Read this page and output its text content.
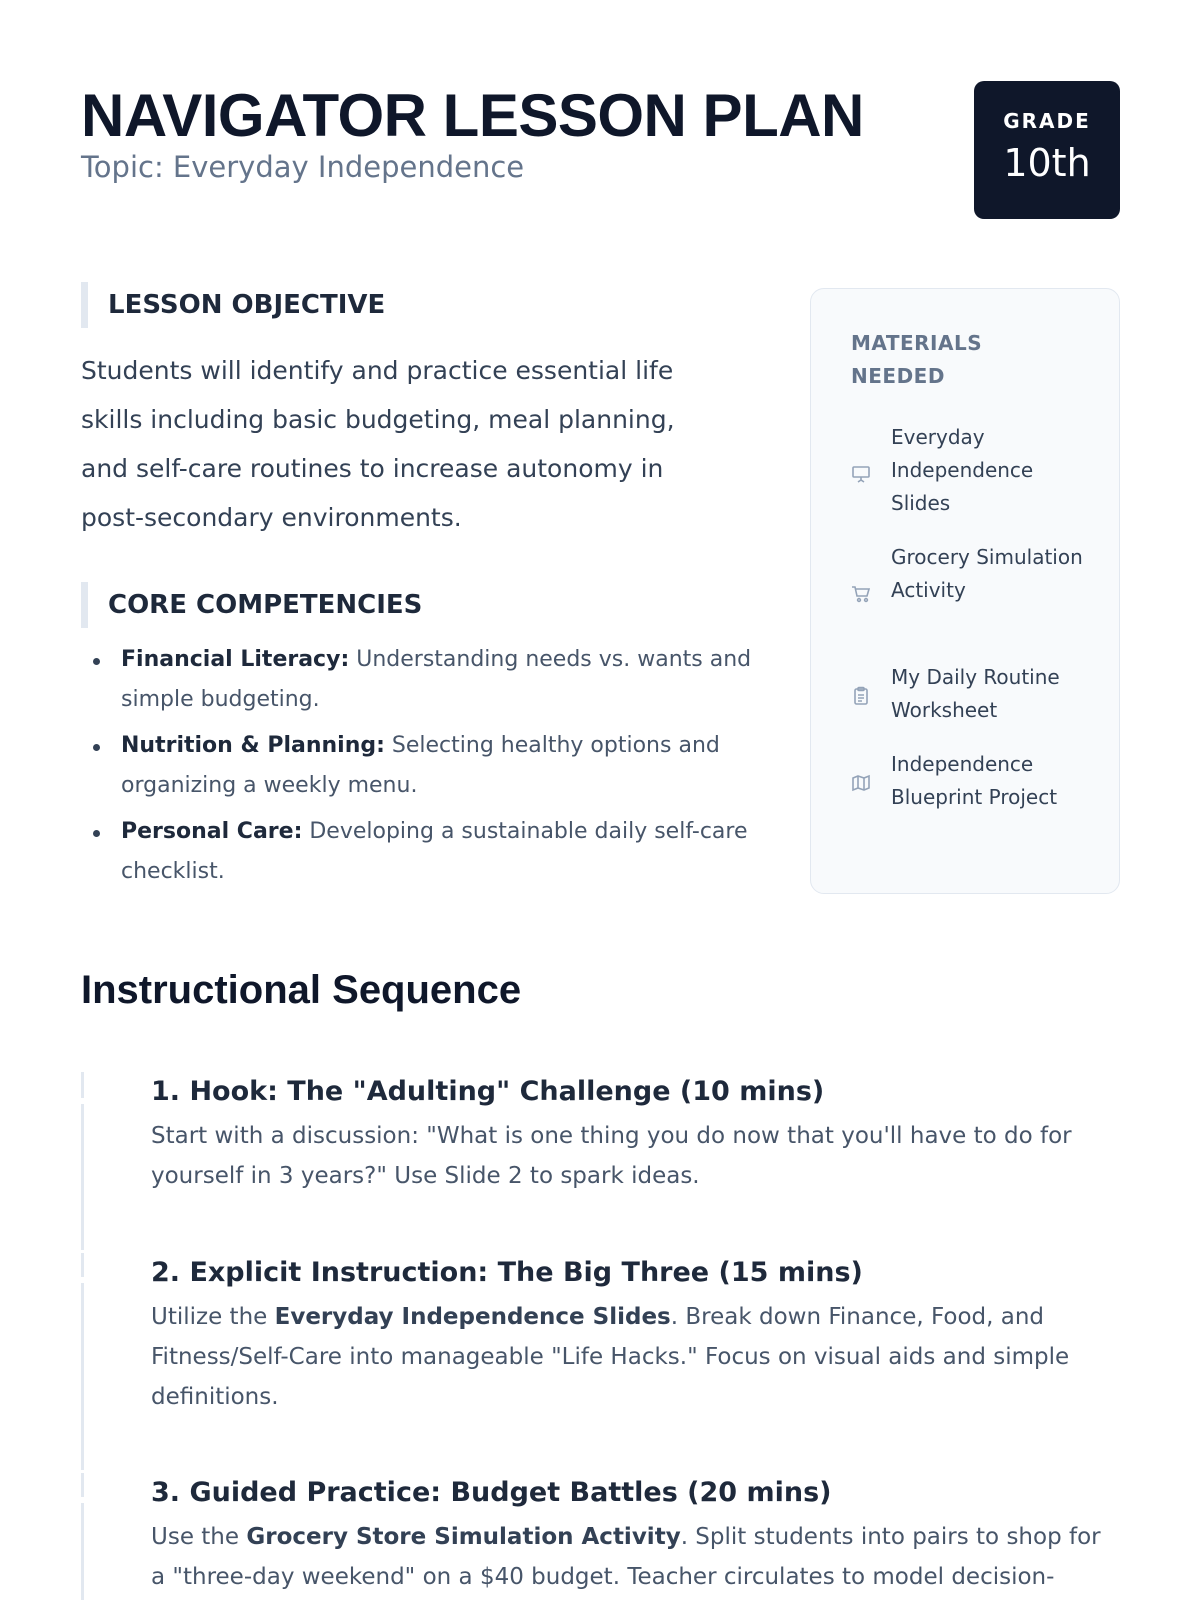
NAVIGATOR LESSON PLAN
Topic: Everyday Independence
GRADE
10th
LESSON OBJECTIVE

Students will identify and practice essential life skills including basic budgeting, meal planning, and self-care routines to increase autonomy in post-secondary environments.

CORE COMPETENCIES
Financial Literacy: Understanding needs vs. wants and simple budgeting.
Nutrition & Planning: Selecting healthy options and organizing a weekly menu.
Personal Care: Developing a sustainable daily self-care checklist.
MATERIALS NEEDED
Everyday Independence Slides
Grocery Simulation Activity
My Daily Routine Worksheet
Independence Blueprint Project
Instructional Sequence
1. Hook: The "Adulting" Challenge (10 mins)

Start with a discussion: "What is one thing you do now that you'll have to do for yourself in 3 years?" Use Slide 2 to spark ideas.

2. Explicit Instruction: The Big Three (15 mins)

Utilize the Everyday Independence Slides. Break down Finance, Food, and Fitness/Self-Care into manageable "Life Hacks." Focus on visual aids and simple definitions.

3. Guided Practice: Budget Battles (20 mins)

Use the Grocery Store Simulation Activity. Split students into pairs to shop for a "three-day weekend" on a $40 budget. Teacher circulates to model decision-
